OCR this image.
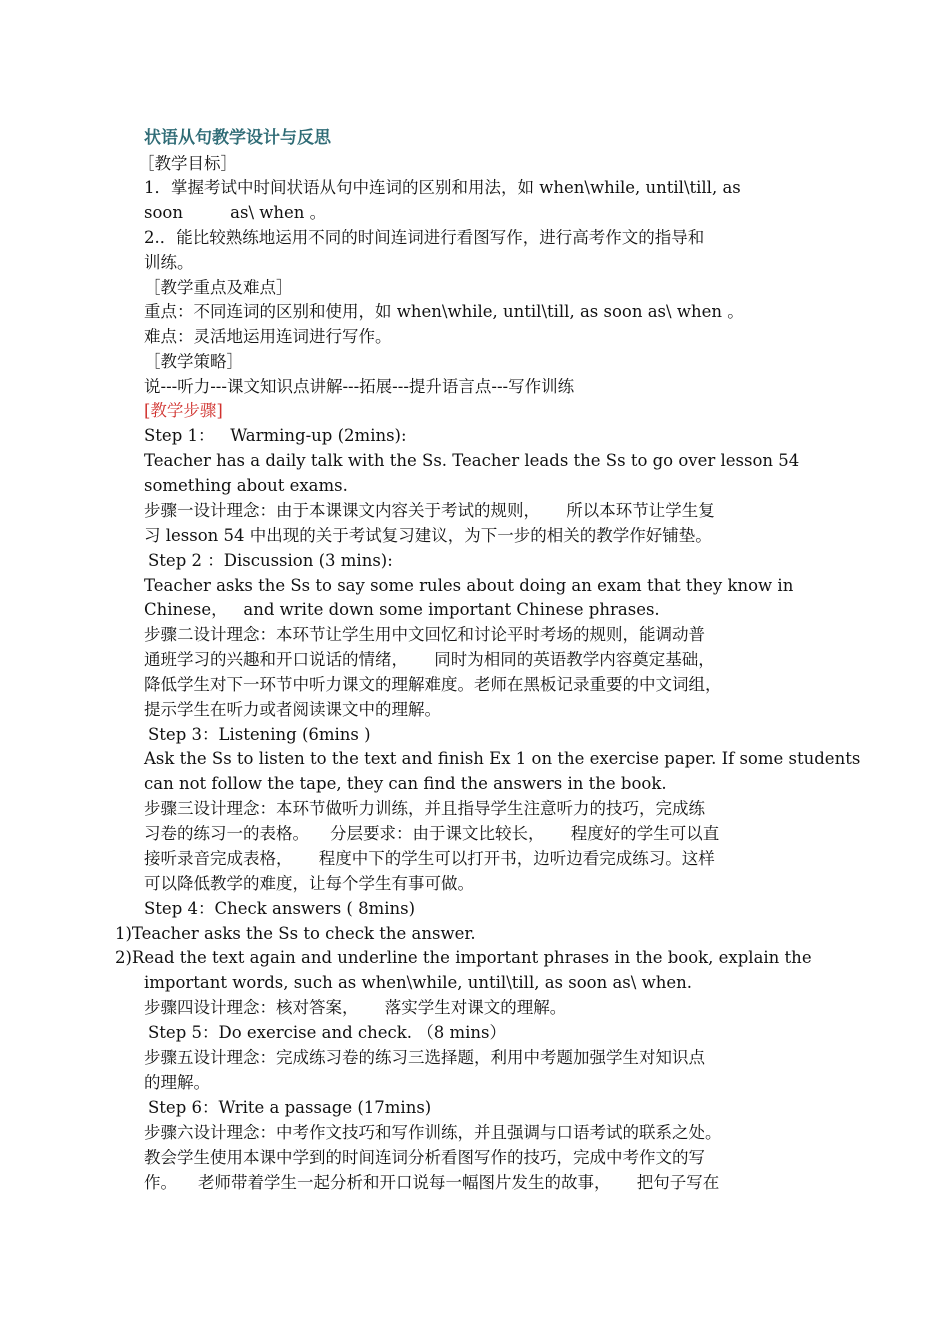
状语从句教学设计与反思
［教学目标］
1．掌握考试中时间状语从句中连词的区别和用法，如 when\while, until\till, as
soon         as\ when 。
2.．能比较熟练地运用不同的时间连词进行看图写作，进行高考作文的指导和
训练。
［教学重点及难点］
重点：不同连词的区别和使用，如 when\while, until\till, as soon as\ when 。
难点：灵活地运用连词进行写作。
［教学策略］
说---听力---课文知识点讲解---拓展---提升语言点---写作训练
[教学步骤]
Step 1：   Warming-up (2mins):
Teacher has a daily talk with the Ss. Teacher leads the Ss to go over lesson 54
something about exams.
步骤一设计理念：由于本课课文内容关于考试的规则，     所以本环节让学生复
习 lesson 54 中出现的关于考试复习建议，为下一步的相关的教学作好铺垫。
Step 2 ：Discussion (3 mins):
Teacher asks the Ss to say some rules about doing an exam that they know in
Chinese，   and write down some important Chinese phrases.
步骤二设计理念：本环节让学生用中文回忆和讨论平时考场的规则，能调动普
通班学习的兴趣和开口说话的情绪，     同时为相同的英语教学内容奠定基础，
降低学生对下一环节中听力课文的理解难度。老师在黑板记录重要的中文词组，
提示学生在听力或者阅读课文中的理解。
Step 3：Listening (6mins )
Ask the Ss to listen to the text and finish Ex 1 on the exercise paper. If some students
can not follow the tape, they can find the answers in the book.
步骤三设计理念：本环节做听力训练，并且指导学生注意听力的技巧，完成练
习卷的练习一的表格。    分层要求：由于课文比较长，     程度好的学生可以直
接听录音完成表格，     程度中下的学生可以打开书，边听边看完成练习。这样
可以降低教学的难度，让每个学生有事可做。
Step 4：Check answers ( 8mins)
1)Teacher asks the Ss to check the answer.
2)Read the text again and underline the important phrases in the book, explain the
important words, such as when\while, until\till, as soon as\ when.
步骤四设计理念：核对答案，     落实学生对课文的理解。
Step 5：Do exercise and check. （8 mins）
步骤五设计理念：完成练习卷的练习三选择题，利用中考题加强学生对知识点
的理解。
Step 6：Write a passage (17mins)
步骤六设计理念：中考作文技巧和写作训练，并且强调与口语考试的联系之处。
教会学生使用本课中学到的时间连词分析看图写作的技巧，完成中考作文的写
作。    老师带着学生一起分析和开口说每一幅图片发生的故事，     把句子写在
